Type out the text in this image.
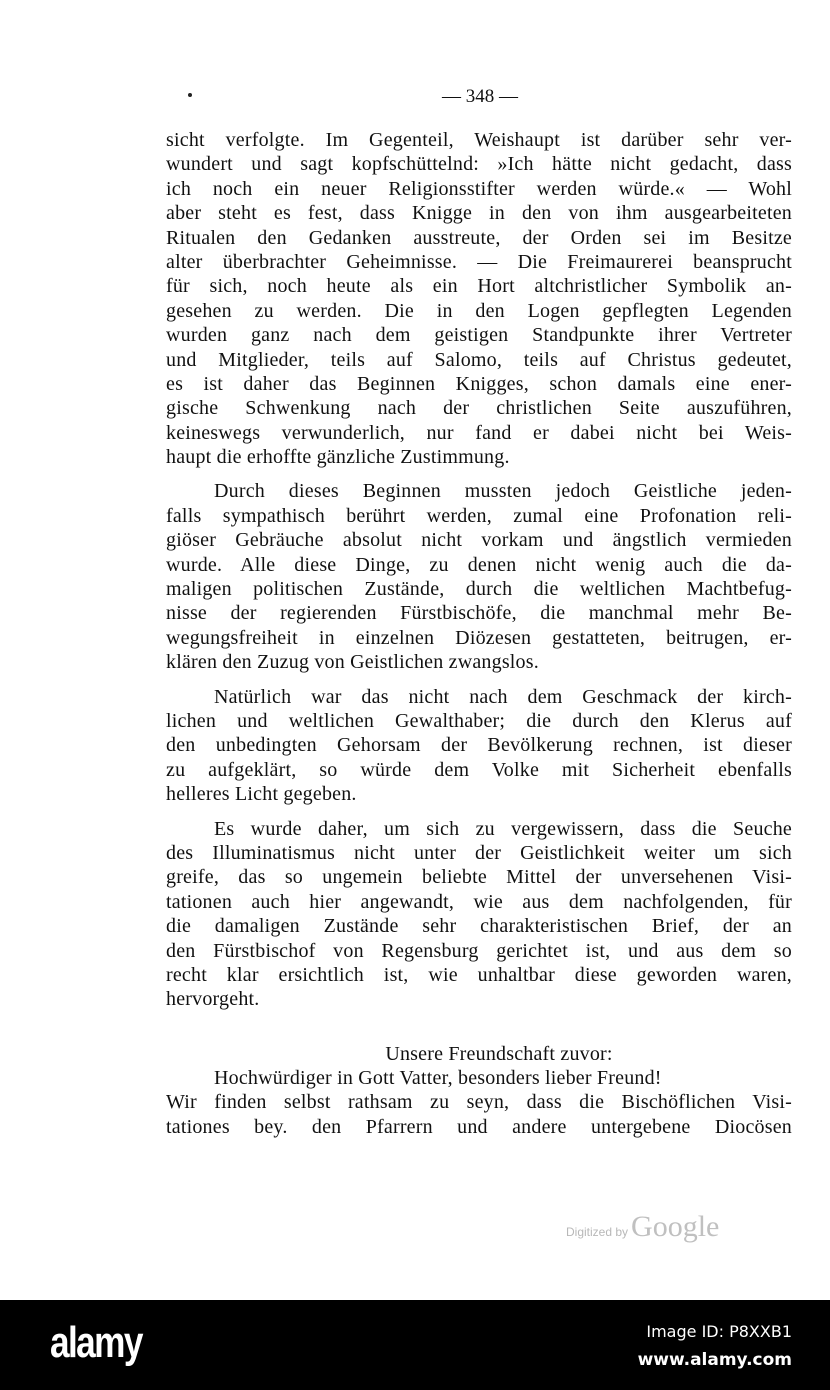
— 348 —
sicht verfolgte. Im Gegenteil, Weishaupt ist darüber sehr ver-
wundert und sagt kopfschüttelnd: »Ich hätte nicht gedacht, dass
ich noch ein neuer Religionsstifter werden würde.« — Wohl
aber steht es fest, dass Knigge in den von ihm ausgearbeiteten
Ritualen den Gedanken ausstreute, der Orden sei im Besitze
alter überbrachter Geheimnisse. — Die Freimaurerei beansprucht
für sich, noch heute als ein Hort altchristlicher Symbolik an-
gesehen zu werden. Die in den Logen gepflegten Legenden
wurden ganz nach dem geistigen Standpunkte ihrer Vertreter
und Mitglieder, teils auf Salomo, teils auf Christus gedeutet,
es ist daher das Beginnen Knigges, schon damals eine ener-
gische Schwenkung nach der christlichen Seite auszuführen,
keineswegs verwunderlich, nur fand er dabei nicht bei Weis-
haupt die erhoffte gänzliche Zustimmung.
Durch dieses Beginnen mussten jedoch Geistliche jeden-
falls sympathisch berührt werden, zumal eine Profonation reli-
giöser Gebräuche absolut nicht vorkam und ängstlich vermieden
wurde. Alle diese Dinge, zu denen nicht wenig auch die da-
maligen politischen Zustände, durch die weltlichen Machtbefug-
nisse der regierenden Fürstbischöfe, die manchmal mehr Be-
wegungsfreiheit in einzelnen Diözesen gestatteten, beitrugen, er-
klären den Zuzug von Geistlichen zwangslos.
Natürlich war das nicht nach dem Geschmack der kirch-
lichen und weltlichen Gewalthaber; die durch den Klerus auf
den unbedingten Gehorsam der Bevölkerung rechnen, ist dieser
zu aufgeklärt, so würde dem Volke mit Sicherheit ebenfalls
helleres Licht gegeben.
Es wurde daher, um sich zu vergewissern, dass die Seuche
des Illuminatismus nicht unter der Geistlichkeit weiter um sich
greife, das so ungemein beliebte Mittel der unversehenen Visi-
tationen auch hier angewandt, wie aus dem nachfolgenden, für
die damaligen Zustände sehr charakteristischen Brief, der an
den Fürstbischof von Regensburg gerichtet ist, und aus dem so
recht klar ersichtlich ist, wie unhaltbar diese geworden waren,
hervorgeht.
Unsere Freundschaft zuvor:
Hochwürdiger in Gott Vatter, besonders lieber Freund!
Wir finden selbst rathsam zu seyn, dass die Bischöflichen Visi-
tationes bey. den Pfarrern und andere untergebene Diocösen
Digitized by Google
alamy	Image ID: P8XXB1
www.alamy.com
